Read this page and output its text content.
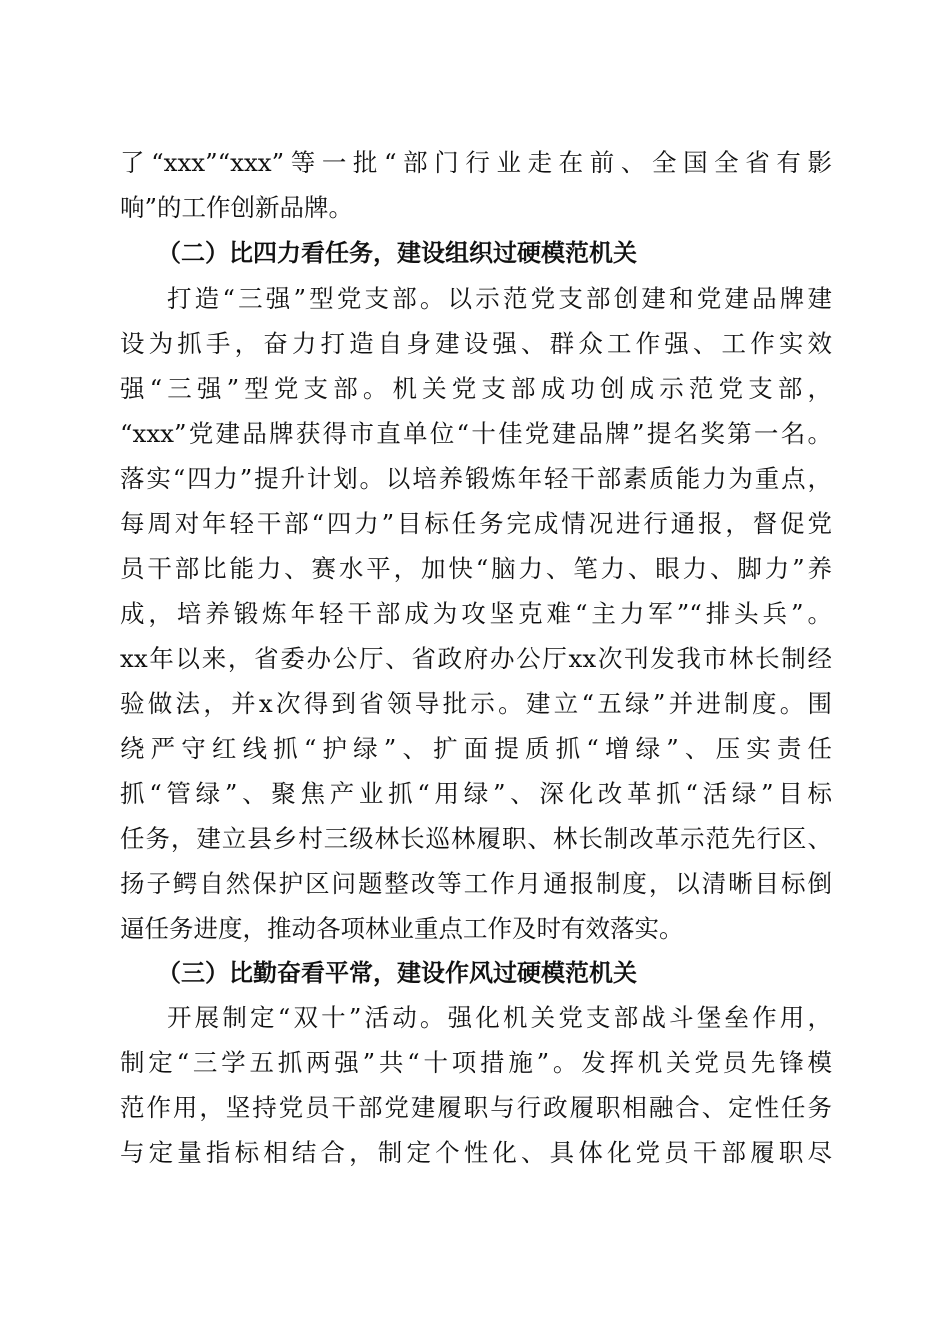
了“xxx”“xxx”等一批“部门行业走在前、全国全省有影
响”的工作创新品牌。
（二）比四力看任务，建设组织过硬模范机关
打造“三强”型党支部。以示范党支部创建和党建品牌建
设为抓手，奋力打造自身建设强、群众工作强、工作实效
强“三强”型党支部。机关党支部成功创成示范党支部，
“xxx”党建品牌获得市直单位“十佳党建品牌”提名奖第一名。
落实“四力”提升计划。以培养锻炼年轻干部素质能力为重点，
每周对年轻干部“四力”目标任务完成情况进行通报，督促党
员干部比能力、赛水平，加快“脑力、笔力、眼力、脚力”养
成，培养锻炼年轻干部成为攻坚克难“主力军”“排头兵”。
xx年以来，省委办公厅、省政府办公厅xx次刊发我市林长制经
验做法，并x次得到省领导批示。建立“五绿”并进制度。围
绕严守红线抓“护绿”、扩面提质抓“增绿”、压实责任
抓“管绿”、聚焦产业抓“用绿”、深化改革抓“活绿”目标
任务，建立县乡村三级林长巡林履职、林长制改革示范先行区、
扬子鳄自然保护区问题整改等工作月通报制度，以清晰目标倒
逼任务进度，推动各项林业重点工作及时有效落实。
（三）比勤奋看平常，建设作风过硬模范机关
开展制定“双十”活动。强化机关党支部战斗堡垒作用，
制定“三学五抓两强”共“十项措施”。发挥机关党员先锋模
范作用，坚持党员干部党建履职与行政履职相融合、定性任务
与定量指标相结合，制定个性化、具体化党员干部履职尽
